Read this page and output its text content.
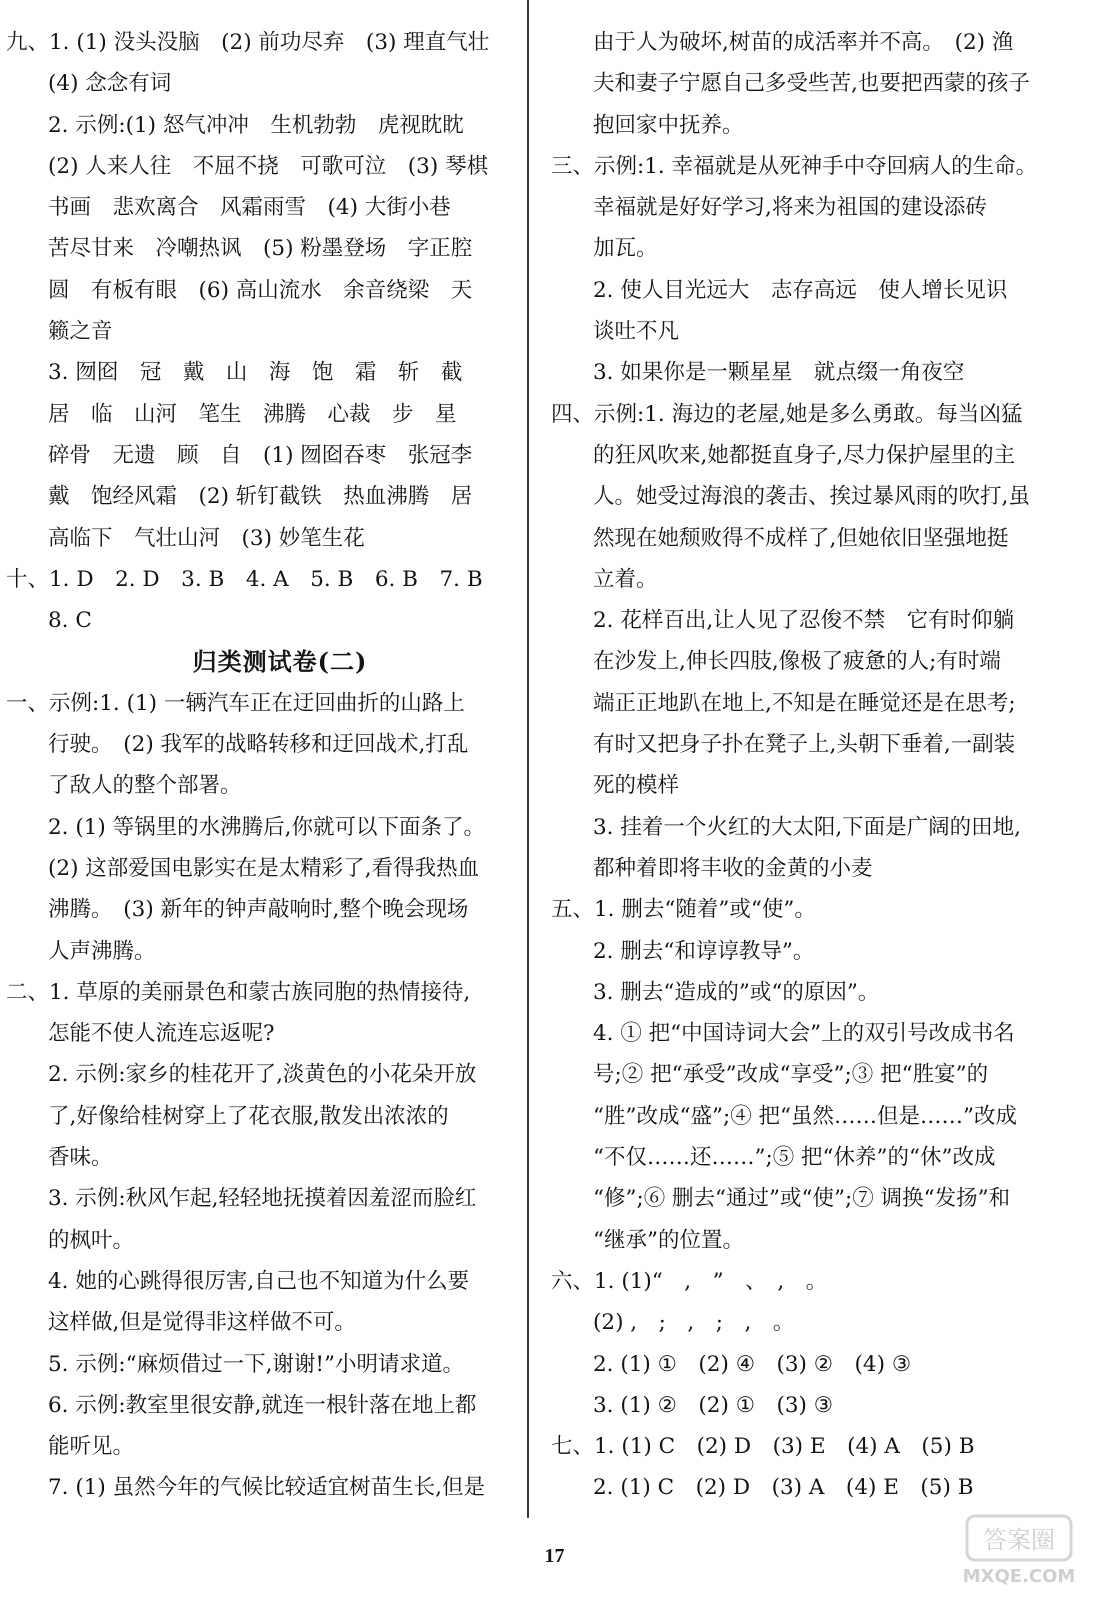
九、1. (1) 没头没脑　(2) 前功尽弃　(3) 理直气壮
(4) 念念有词
2. 示例:(1) 怒气冲冲　生机勃勃　虎视眈眈
(2) 人来人往　不屈不挠　可歌可泣　(3) 琴棋
书画　悲欢离合　风霜雨雪　(4) 大街小巷
苦尽甘来　冷嘲热讽　(5) 粉墨登场　字正腔
圆　有板有眼　(6) 高山流水　余音绕梁　天
籁之音
3. 囫囵　冠　戴　山　海　饱　霜　斩　截
居　临　山河　笔生　沸腾　心裁　步　星
碎骨　无遗　顾　自　(1) 囫囵吞枣　张冠李
戴　饱经风霜　(2) 斩钉截铁　热血沸腾　居
高临下　气壮山河　(3) 妙笔生花
十、1. D　2. D　3. B　4. A　5. B　6. B　7. B
8. C
归类测试卷(二)
一、示例:1. (1) 一辆汽车正在迂回曲折的山路上
行驶。　(2) 我军的战略转移和迂回战术,打乱
了敌人的整个部署。
2. (1) 等锅里的水沸腾后,你就可以下面条了。
(2) 这部爱国电影实在是太精彩了,看得我热血
沸腾。　(3) 新年的钟声敲响时,整个晚会现场
人声沸腾。
二、1. 草原的美丽景色和蒙古族同胞的热情接待,
怎能不使人流连忘返呢?
2. 示例:家乡的桂花开了,淡黄色的小花朵开放
了,好像给桂树穿上了花衣服,散发出浓浓的
香味。
3. 示例:秋风乍起,轻轻地抚摸着因羞涩而脸红
的枫叶。
4. 她的心跳得很厉害,自己也不知道为什么要
这样做,但是觉得非这样做不可。
5. 示例:“麻烦借过一下,谢谢!”小明请求道。
6. 示例:教室里很安静,就连一根针落在地上都
能听见。
7. (1) 虽然今年的气候比较适宜树苗生长,但是
由于人为破坏,树苗的成活率并不高。　(2) 渔
夫和妻子宁愿自己多受些苦,也要把西蒙的孩子
抱回家中抚养。
三、示例:1. 幸福就是从死神手中夺回病人的生命。
幸福就是好好学习,将来为祖国的建设添砖
加瓦。
2. 使人目光远大　志存高远　使人增长见识
谈吐不凡
3. 如果你是一颗星星　就点缀一角夜空
四、示例:1. 海边的老屋,她是多么勇敢。每当凶猛
的狂风吹来,她都挺直身子,尽力保护屋里的主
人。她受过海浪的袭击、挨过暴风雨的吹打,虽
然现在她颓败得不成样了,但她依旧坚强地挺
立着。
2. 花样百出,让人见了忍俊不禁　它有时仰躺
在沙发上,伸长四肢,像极了疲惫的人;有时端
端正正地趴在地上,不知是在睡觉还是在思考;
有时又把身子扑在凳子上,头朝下垂着,一副装
死的模样
3. 挂着一个火红的大太阳,下面是广阔的田地,
都种着即将丰收的金黄的小麦
五、1. 删去“随着”或“使”。
2. 删去“和谆谆教导”。
3. 删去“造成的”或“的原因”。
4. ① 把“中国诗词大会”上的双引号改成书名
号;② 把“承受”改成“享受”;③ 把“胜宴”的
“胜”改成“盛”;④ 把“虽然……但是……”改成
“不仅……还……”;⑤ 把“休养”的“休”改成
“修”;⑥ 删去“通过”或“使”;⑦ 调换“发扬”和
“继承”的位置。
六、1. (1)“　,　”　、　,　。
(2) ,　;　,　;　,　。
2. (1) ①　(2) ④　(3) ②　(4) ③
3. (1) ②　(2) ①　(3) ③
七、1. (1) C　(2) D　(3) E　(4) A　(5) B
2. (1) C　(2) D　(3) A　(4) E　(5) B
17
答案圈
MXQE.COM
